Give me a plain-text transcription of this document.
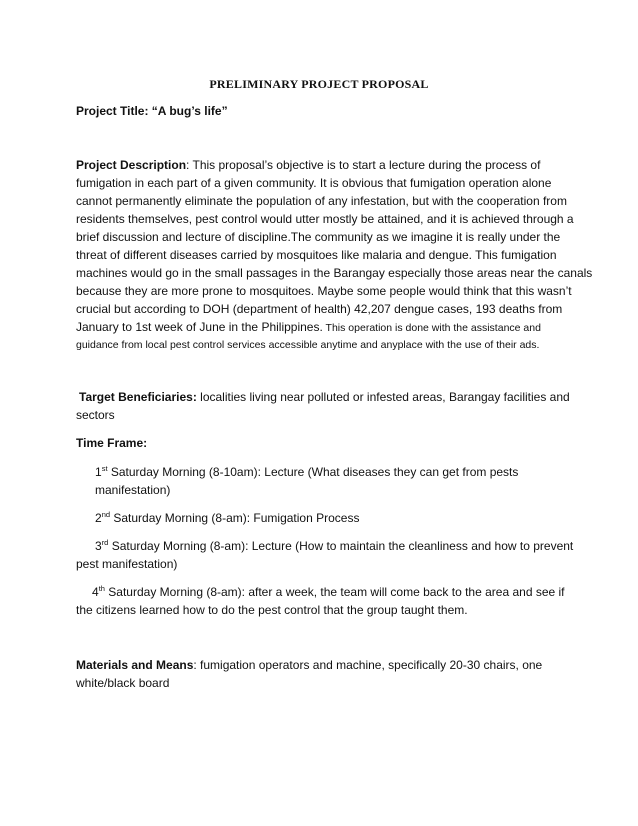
PRELIMINARY PROJECT PROPOSAL
Project Title: “A bug’s life”
Project Description: This proposal’s objective is to start a lecture during the process of
fumigation in each part of a given community. It is obvious that fumigation operation alone
cannot permanently eliminate the population of any infestation, but with the cooperation from
residents themselves, pest control would utter mostly be attained, and it is achieved through a
brief discussion and lecture of discipline.The community as we imagine it is really under the
threat of different diseases carried by mosquitoes like malaria and dengue. This fumigation
machines would go in the small passages in the Barangay especially those areas near the canals
because they are more prone to mosquitoes. Maybe some people would think that this wasn’t
crucial but according to DOH (department of health) 42,207 dengue cases, 193 deaths from
January to 1st week of June in the Philippines. This operation is done with the assistance and
guidance from local pest control services accessible anytime and anyplace with the use of their ads.
Target Beneficiaries: localities living near polluted or infested areas, Barangay facilities and
sectors
Time Frame:
1st Saturday Morning (8-10am): Lecture (What diseases they can get from pests
manifestation)
2nd Saturday Morning (8-am): Fumigation Process
3rd Saturday Morning (8-am): Lecture (How to maintain the cleanliness and how to prevent
pest manifestation)
4th Saturday Morning (8-am): after a week, the team will come back to the area and see if
the citizens learned how to do the pest control that the group taught them.
Materials and Means: fumigation operators and machine, specifically 20-30 chairs, one
white/black board
